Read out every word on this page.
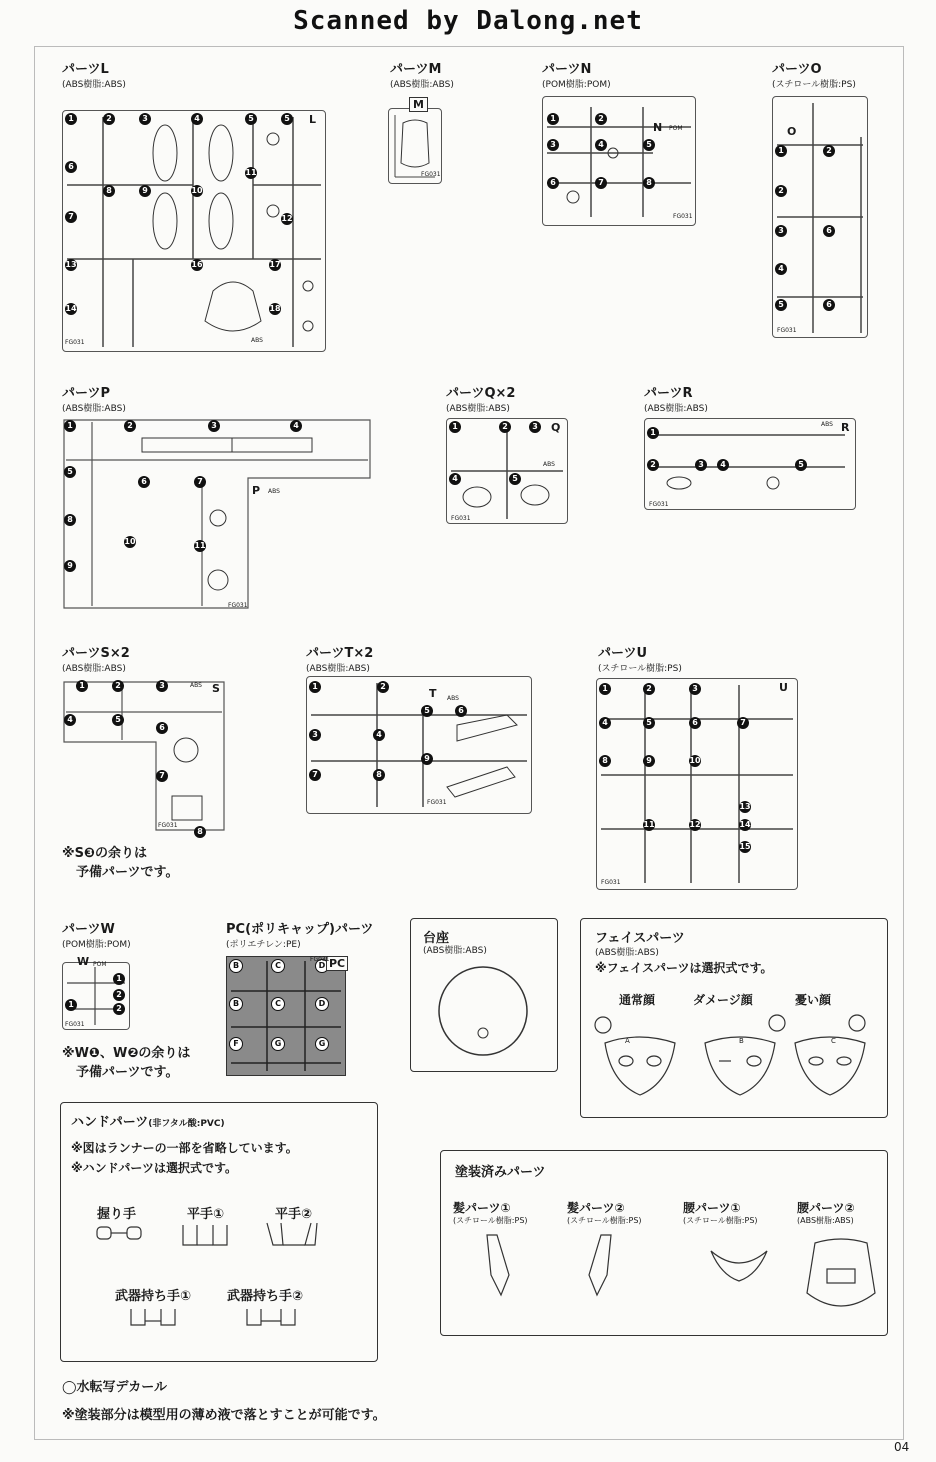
Scanned by Dalong.net
パーツL
(ABS樹脂:ABS)
1	2	3	4	5	5
6
8	9	10
11
12
7
13	16	17
14	18
L
ABS
FG031
パーツM
(ABS樹脂:ABS)
M
FG031
パーツN
(POM樹脂:POM)
1	2
3	4	5
6	7	8
N POM
FG031
パーツO
(スチロール樹脂:PS)
O
1	2
2
3	6
4
5	6
FG031
パーツP
(ABS樹脂:ABS)
1	2	3	4
5
6	7
8
10	11
9
P ABS
FG031
パーツQ×2
(ABS樹脂:ABS)
1	2	3
4	5
Q
ABS
FG031
パーツR
(ABS樹脂:ABS)
1
2	3	4	5
R
ABS
FG031
パーツS×2
(ABS樹脂:ABS)
1	2	3
4	5
6
7
8
S
ABS
FG031
※S❸の余りは
予備パーツです。
パーツT×2
(ABS樹脂:ABS)
1	2
5	6
3	4
7	8
9
T ABS
FG031
パーツU
(スチロール樹脂:PS)
1	2	3
4	5	6	7
8	9	10
11	12
13
14
15
U
FG031
パーツW
(POM樹脂:POM)
W POM
1
2
1	2
FG031
※W❶、W❷の余りは
予備パーツです。
PC(ポリキャップ)パーツ
(ポリエチレン:PE)
B	C	D
B	C	D
F	G	G
PC
FG031
台座
(ABS樹脂:ABS)
フェイスパーツ
(ABS樹脂:ABS)
※フェイスパーツは選択式です。
通常顔	ダメージ顔	憂い顔
A	B	C
ハンドパーツ(非フタル酸:PVC)
※図はランナーの一部を省略しています。
※ハンドパーツは選択式です。
握り手	平手①	平手②
武器持ち手①	武器持ち手②
塗装済みパーツ
髪パーツ①
(スチロール樹脂:PS)
髪パーツ②
(スチロール樹脂:PS)
腰パーツ①
(スチロール樹脂:PS)
腰パーツ②
(ABS樹脂:ABS)
◯水転写デカール
※塗装部分は模型用の薄め液で落とすことが可能です。
04
